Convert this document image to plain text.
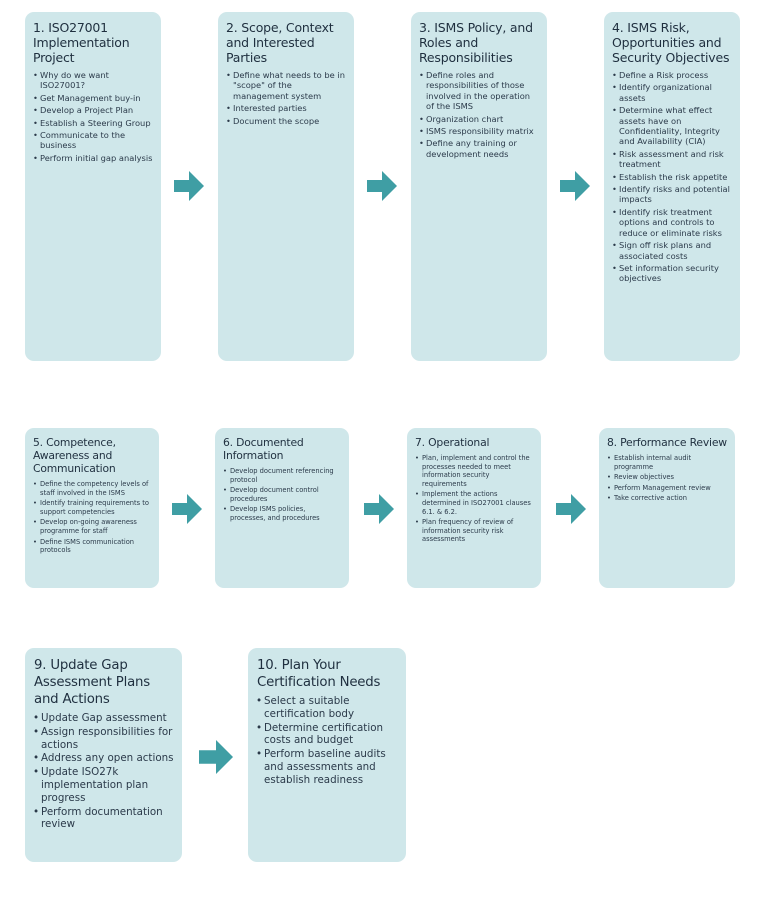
1. ISO27001 Implementation Project
• Why do we want ISO27001?
• Get Management buy-in
• Develop a Project Plan
• Establish a Steering Group
• Communicate to the business
• Perform initial gap analysis
2. Scope, Context and Interested Parties
• Define what needs to be in "scope" of the management system
• Interested parties
• Document the scope
3. ISMS Policy, and Roles and Responsibilities
• Define roles and responsibilities of those involved in the operation of the ISMS
• Organization chart
• ISMS responsibility matrix
• Define any training or development needs
4. ISMS Risk, Opportunities and Security Objectives
• Define a Risk process
• Identify organizational assets
• Determine what effect assets have on Confidentiality, Integrity and Availability (CIA)
• Risk assessment and risk treatment
• Establish the risk appetite
• Identify risks and potential impacts
• Identify risk treatment options and controls to reduce or eliminate risks
• Sign off risk plans and associated costs
• Set information security objectives
5. Competence, Awareness and Communication
• Define the competency levels of staff involved in the ISMS
• Identify training requirements to support competencies
• Develop on-going awareness programme for staff
• Define ISMS communication protocols
6. Documented Information
• Develop document referencing protocol
• Develop document control procedures
• Develop ISMS policies, processes, and procedures
7. Operational
• Plan, implement and control the processes needed to meet information security requirements
• Implement the actions determined in ISO27001 clauses 6.1. & 6.2.
• Plan frequency of review of information security risk assessments
8. Performance Review
• Establish internal audit programme
• Review objectives
• Perform Management review
• Take corrective action
9. Update Gap Assessment Plans and Actions
• Update Gap assessment
• Assign responsibilities for actions
• Address any open actions
• Update ISO27k implementation plan progress
• Perform documentation review
10. Plan Your Certification Needs
• Select a suitable certification body
• Determine certification costs and budget
• Perform baseline audits and assessments and establish readiness
